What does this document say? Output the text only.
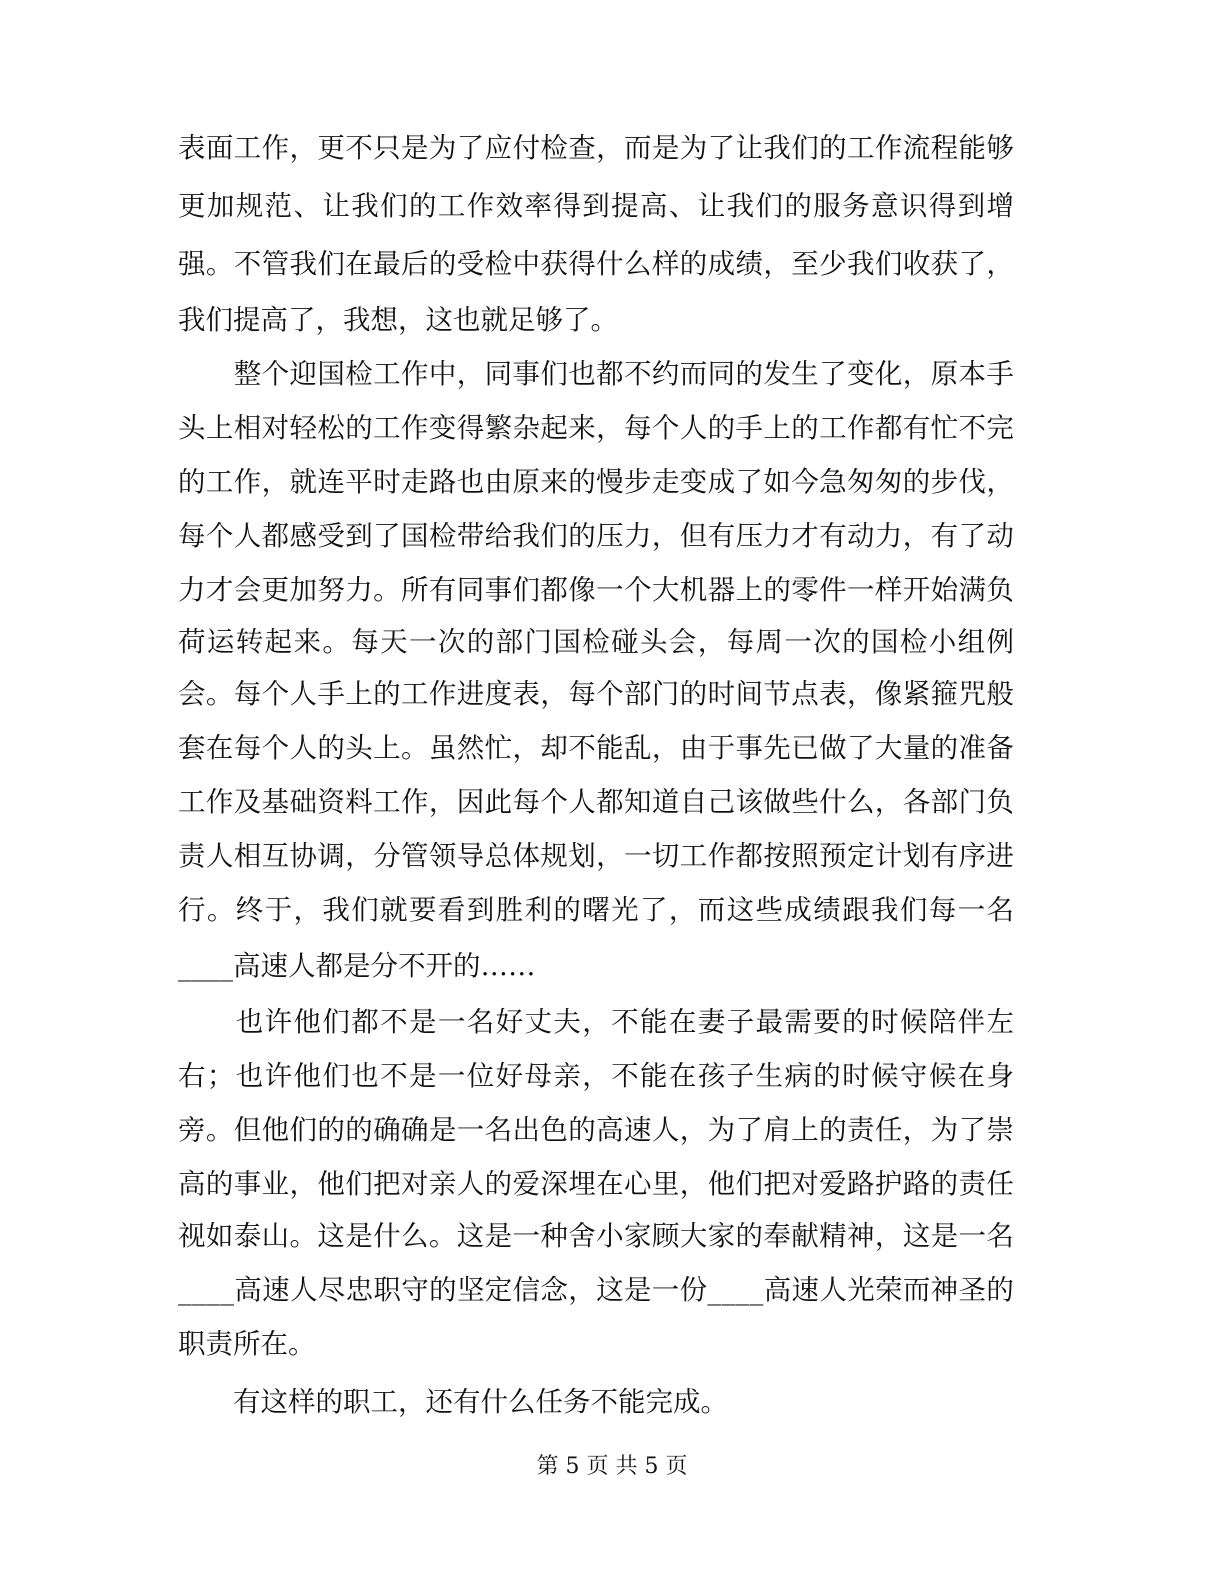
表 面 工 作 ， 更 不 只 是 为 了 应 付 检 查 ， 而 是 为 了 让 我 们 的 工 作 流 程 能 够
更 加 规 范 、 让 我 们 的 工 作 效 率 得 到 提 高 、 让 我 们 的 服 务 意 识 得 到 增
强 。 不 管 我 们 在 最 后 的 受 检 中 获 得 什 么 样 的 成 绩 ， 至 少 我 们 收 获 了 ，
我们提高了，我想，这也就足够了。

整 个 迎 国 检 工 作 中 ， 同 事 们 也 都 不 约 而 同 的 发 生 了 变 化 ， 原 本 手
头 上 相 对 轻 松 的 工 作 变 得 繁 杂 起 来 ， 每 个 人 的 手 上 的 工 作 都 有 忙 不 完
的 工 作 ， 就 连 平 时 走 路 也 由 原 来 的 慢 步 走 变 成 了 如 今 急 匆 匆 的 步 伐 ，
每 个 人 都 感 受 到 了 国 检 带 给 我 们 的 压 力 ， 但 有 压 力 才 有 动 力 ， 有 了 动
力 才 会 更 加 努 力 。 所 有 同 事 们 都 像 一 个 大 机 器 上 的 零 件 一 样 开 始 满 负
荷 运 转 起 来 。 每 天 一 次 的 部 门 国 检 碰 头 会 ， 每 周 一 次 的 国 检 小 组 例
会 。 每 个 人 手 上 的 工 作 进 度 表 ， 每 个 部 门 的 时 间 节 点 表 ， 像 紧 箍 咒 般
套 在 每 个 人 的 头 上 。 虽 然 忙 ， 却 不 能 乱 ， 由 于 事 先 已 做 了 大 量 的 准 备
工 作 及 基 础 资 料 工 作 ， 因 此 每 个 人 都 知 道 自 己 该 做 些 什 么 ， 各 部 门 负
责 人 相 互 协 调 ， 分 管 领 导 总 体 规 划 ， 一 切 工 作 都 按 照 预 定 计 划 有 序 进
行 。 终 于 ， 我 们 就 要 看 到 胜 利 的 曙 光 了 ， 而 这 些 成 绩 跟 我 们 每 一 名
____高速人都是分不开的……

也 许 他 们 都 不 是 一 名 好 丈 夫 ， 不 能 在 妻 子 最 需 要 的 时 候 陪 伴 左
右 ； 也 许 他 们 也 不 是 一 位 好 母 亲 ， 不 能 在 孩 子 生 病 的 时 候 守 候 在 身
旁 。 但 他 们 的 的 确 确 是 一 名 出 色 的 高 速 人 ， 为 了 肩 上 的 责 任 ， 为 了 崇
高 的 事 业 ， 他 们 把 对 亲 人 的 爱 深 埋 在 心 里 ， 他 们 把 对 爱 路 护 路 的 责 任
视 如 泰 山 。 这 是 什 么 。 这 是 一 种 舍 小 家 顾 大 家 的 奉 献 精 神 ， 这 是 一 名
_ _ _ _ 高 速 人 尽 忠 职 守 的 坚 定 信 念 ， 这 是 一 份 _ _ _ _ 高 速 人 光 荣 而 神 圣 的
职责所在。
　　有这样的职工，还有什么任务不能完成。
第 5 页 共 5 页
